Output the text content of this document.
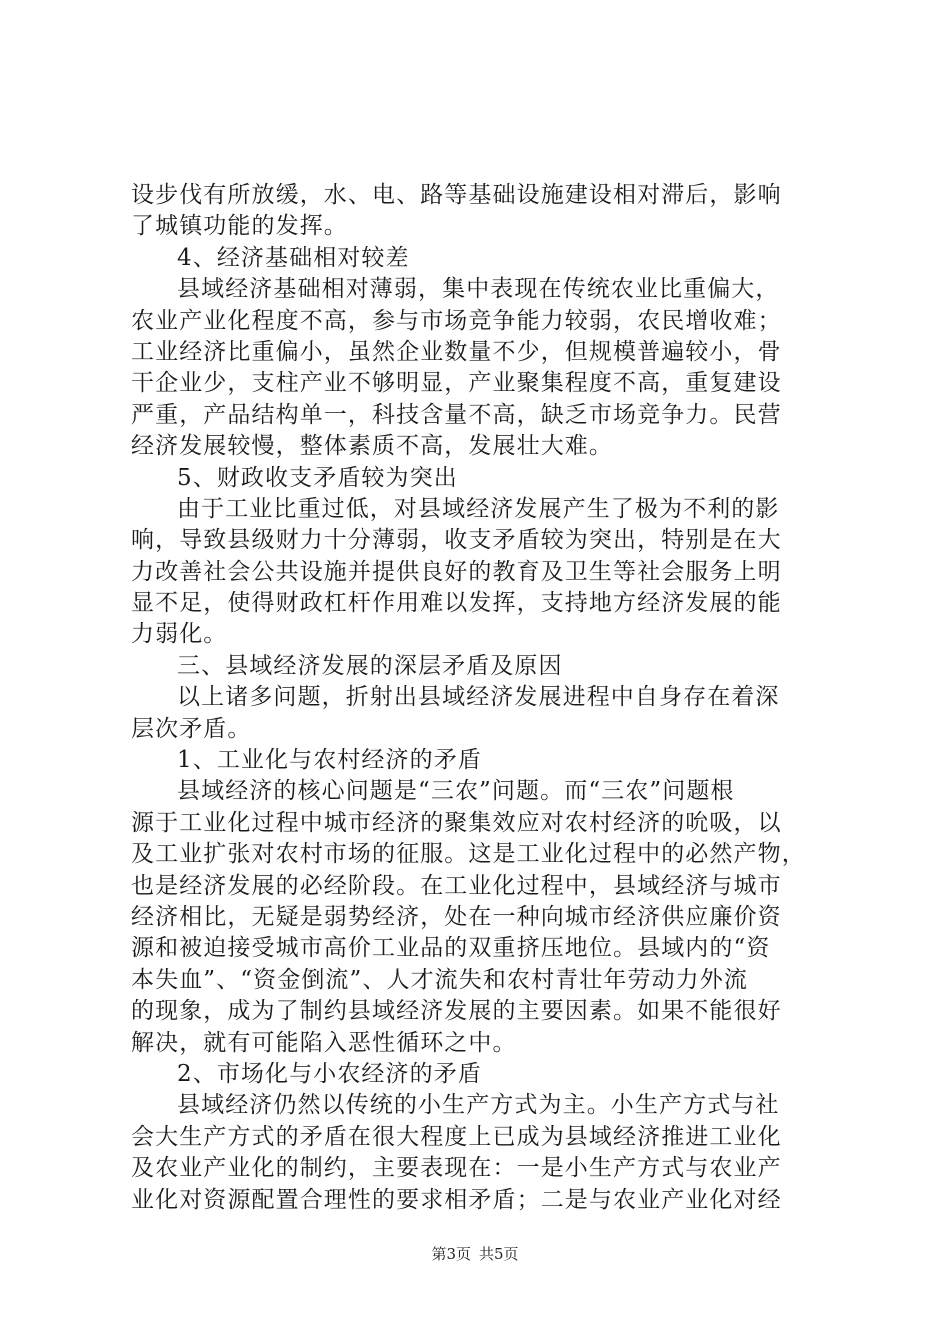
设步伐有所放缓，水、电、路等基础设施建设相对滞后，影响
了城镇功能的发挥。
4、经济基础相对较差
县域经济基础相对薄弱，集中表现在传统农业比重偏大，
农业产业化程度不高，参与市场竞争能力较弱，农民增收难；
工业经济比重偏小，虽然企业数量不少，但规模普遍较小，骨
干企业少，支柱产业不够明显，产业聚集程度不高，重复建设
严重，产品结构单一，科技含量不高，缺乏市场竞争力。民营
经济发展较慢，整体素质不高，发展壮大难。
5、财政收支矛盾较为突出
由于工业比重过低，对县域经济发展产生了极为不利的影
响，导致县级财力十分薄弱，收支矛盾较为突出，特别是在大
力改善社会公共设施并提供良好的教育及卫生等社会服务上明
显不足，使得财政杠杆作用难以发挥，支持地方经济发展的能
力弱化。
三、县域经济发展的深层矛盾及原因
以上诸多问题，折射出县域经济发展进程中自身存在着深
层次矛盾。
1、工业化与农村经济的矛盾
县域经济的核心问题是“三农”问题。而“三农”问题根
源于工业化过程中城市经济的聚集效应对农村经济的吮吸，以
及工业扩张对农村市场的征服。这是工业化过程中的必然产物，
也是经济发展的必经阶段。在工业化过程中，县域经济与城市
经济相比，无疑是弱势经济，处在一种向城市经济供应廉价资
源和被迫接受城市高价工业品的双重挤压地位。县域内的“资
本失血”、“资金倒流”、人才流失和农村青壮年劳动力外流
的现象，成为了制约县域经济发展的主要因素。如果不能很好
解决，就有可能陷入恶性循环之中。
2、市场化与小农经济的矛盾
县域经济仍然以传统的小生产方式为主。小生产方式与社
会大生产方式的矛盾在很大程度上已成为县域经济推进工业化
及农业产业化的制约，主要表现在：一是小生产方式与农业产
业化对资源配置合理性的要求相矛盾；二是与农业产业化对经
第3页 共5页
